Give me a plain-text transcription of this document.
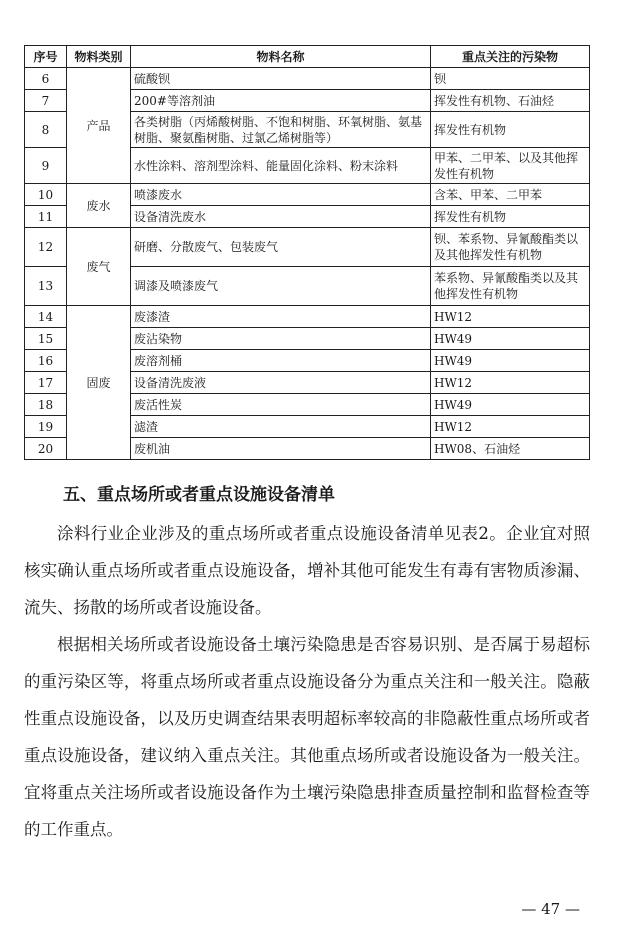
序号	物料类别	物料名称	重点关注的污染物
6	产品	硫酸钡	钡
7		200#等溶剂油	挥发性有机物、石油烃
8		各类树脂（丙烯酸树脂、不饱和树脂、环氧树脂、氨基树脂、聚氨酯树脂、过氯乙烯树脂等）	挥发性有机物
9		水性涂料、溶剂型涂料、能量固化涂料、粉末涂料	甲苯、二甲苯、以及其他挥发性有机物
10	废水	喷漆废水	含苯、甲苯、二甲苯
11		设备清洗废水	挥发性有机物
12	废气	研磨、分散废气、包装废气	钡、苯系物、异氰酸酯类以及其他挥发性有机物
13		调漆及喷漆废气	苯系物、异氰酸酯类以及其他挥发性有机物
14	固废	废漆渣	HW12
15		废沾染物	HW49
16		废溶剂桶	HW49
17		设备清洗废液	HW12
18		废活性炭	HW49
19		滤渣	HW12
20		废机油	HW08、石油烃
五、重点场所或者重点设施设备清单

涂料行业企业涉及的重点场所或者重点设施设备清单见表2。企业宜对照核实确认重点场所或者重点设施设备，增补其他可能发生有毒有害物质渗漏、流失、扬散的场所或者设施设备。

根据相关场所或者设施设备土壤污染隐患是否容易识别、是否属于易超标的重污染区等，将重点场所或者重点设施设备分为重点关注和一般关注。隐蔽性重点设施设备，以及历史调查结果表明超标率较高的非隐蔽性重点场所或者重点设施设备，建议纳入重点关注。其他重点场所或者设施设备为一般关注。宜将重点关注场所或者设施设备作为土壤污染隐患排查质量控制和监督检查等的工作重点。

— 47 —
